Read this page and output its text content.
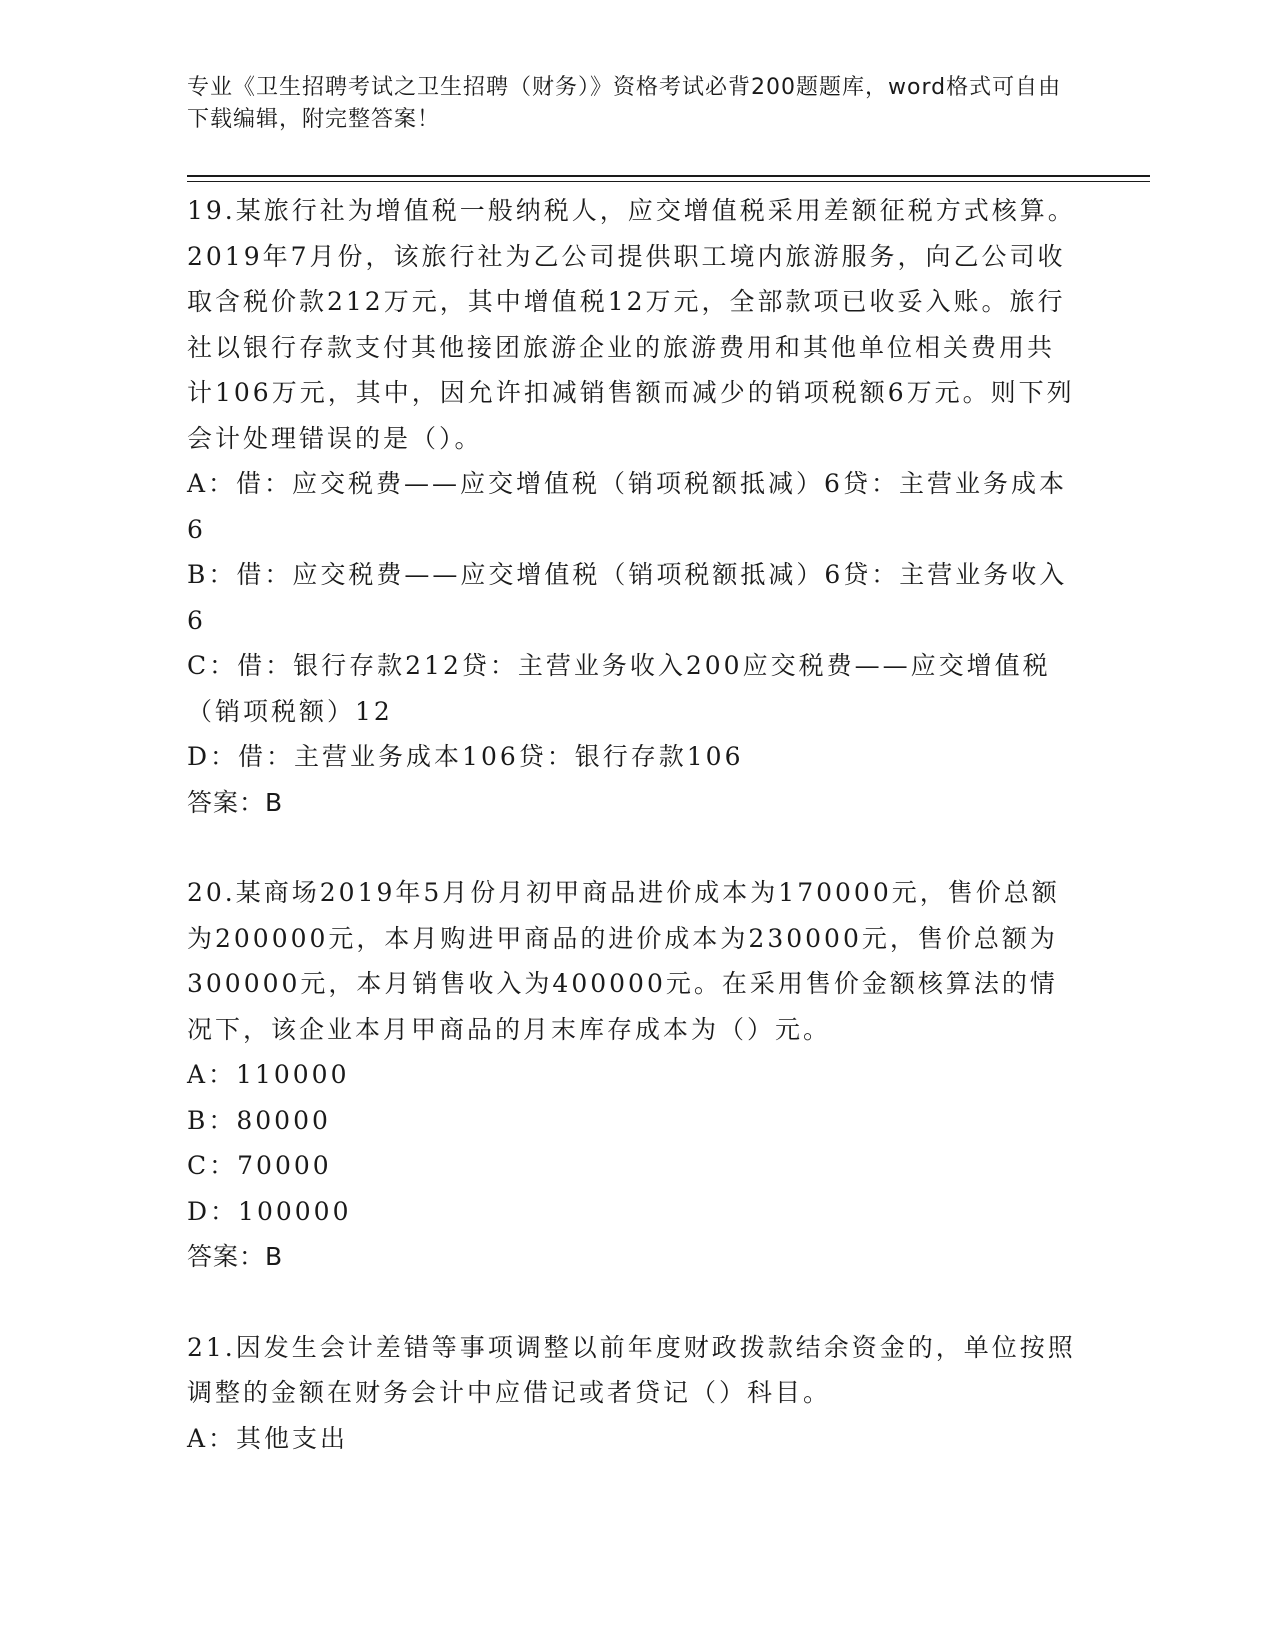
专业《卫生招聘考试之卫生招聘（财务）》资格考试必背200题题库，word格式可自由下载编辑，附完整答案！

19.某旅行社为增值税一般纳税人，应交增值税采用差额征税方式核算。2019年7月份，该旅行社为乙公司提供职工境内旅游服务，向乙公司收取含税价款212万元，其中增值税12万元，全部款项已收妥入账。旅行社以银行存款支付其他接团旅游企业的旅游费用和其他单位相关费用共计106万元，其中，因允许扣减销售额而减少的销项税额6万元。则下列会计处理错误的是（）。

A：借：应交税费——应交增值税（销项税额抵减）6贷：主营业务成本6

B：借：应交税费——应交增值税（销项税额抵减）6贷：主营业务收入6

C：借：银行存款212贷：主营业务收入200应交税费——应交增值税（销项税额）12

D：借：主营业务成本106贷：银行存款106

答案：B

20.某商场2019年5月份月初甲商品进价成本为170000元，售价总额为200000元，本月购进甲商品的进价成本为230000元，售价总额为300000元，本月销售收入为400000元。在采用售价金额核算法的情况下，该企业本月甲商品的月末库存成本为（）元。

A：110000

B：80000

C：70000

D：100000

答案：B

21.因发生会计差错等事项调整以前年度财政拨款结余资金的，单位按照调整的金额在财务会计中应借记或者贷记（）科目。

A：其他支出
